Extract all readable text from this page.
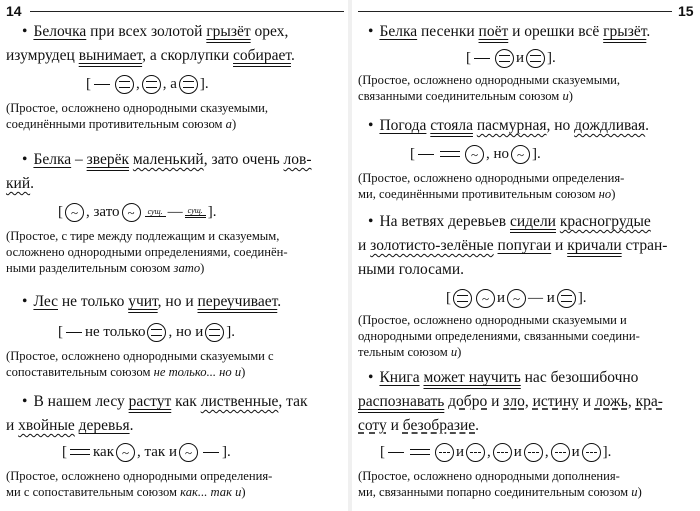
14
• Белочка при всех золотой грызёт орех,
изумрудец вынимает, а скорлупки собирает.
[	, , а ].
(Простое, осложнено однородными сказуемыми,
соединёнными противительным союзом а)
• Белка – зверёк маленький, зато очень лов-
кий.
[ ~ , зато ~	сущ. — сущ. ].
(Простое, с тире между подлежащим и сказуемым,
осложнено однородными определениями, соединён-
ными разделительным союзом зато)
• Лес не только учит, но и переучивает.
[ не только , но и ].
(Простое, осложнено однородными сказуемыми с
сопоставительным союзом не только... но и)
• В нашем лесу растут как лиственные, так
и хвойные деревья.
[ как ~ , так и ~ ].
(Простое, осложнено однородными определения-
ми с сопоставительным союзом как... так и)
15
• Белка песенки поёт и орешки всё грызёт.
[	и ].
(Простое, осложнено однородными сказуемыми,
связанными соединительным союзом и)
• Погода стояла пасмурная, но дождливая.
[	~ , но ~ ].
(Простое, осложнено однородными определения-
ми, соединёнными противительным союзом но)
• На ветвях деревьев сидели красногрудые
и золотисто-зелёные попугаи и кричали стран-
ными голосами.
[ ~ и ~ — и ].
(Простое, осложнено однородными сказуемыми и
однородными определениями, связанными соедини-
тельным союзом и)
• Книга может научить нас безошибочно
распознавать добро и зло, истину и ложь, кра-
соту и безобразие.
[	и , и , и ].
(Простое, осложнено однородными дополнения-
ми, связанными попарно соединительным союзом и)
